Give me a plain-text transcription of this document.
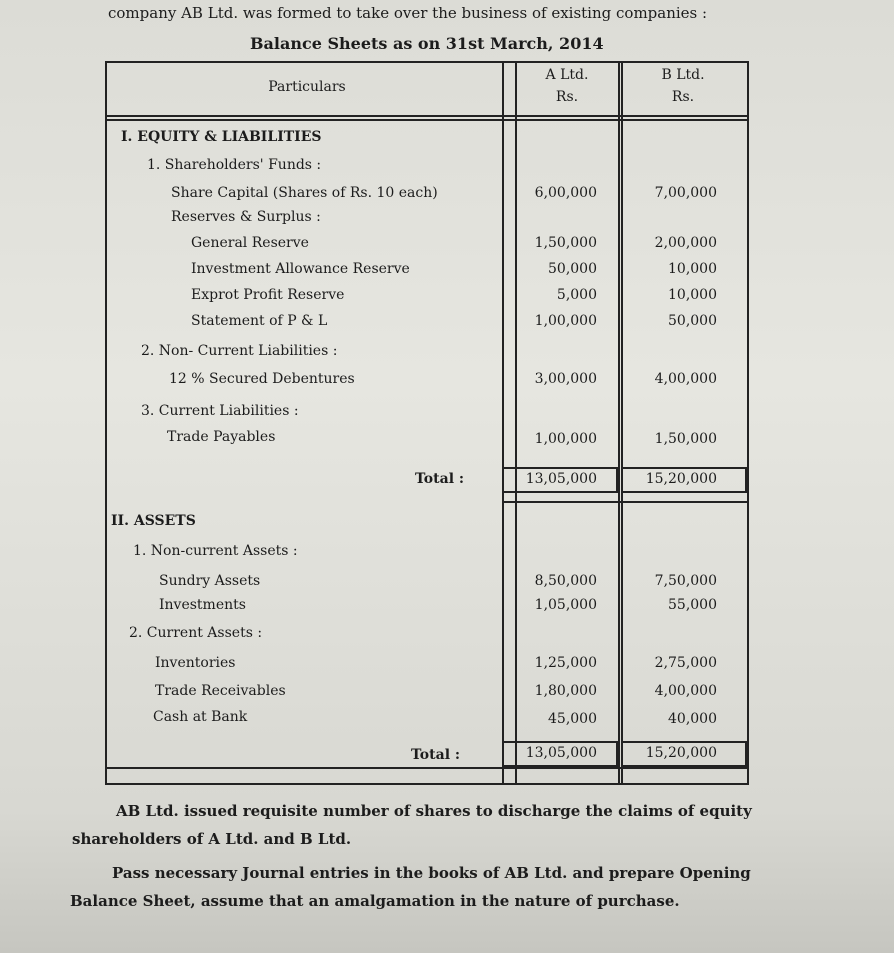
company AB Ltd. was formed to take over the business of existing companies :
Balance Sheets as on 31st March, 2014
Particulars
A Ltd.
Rs.
B Ltd.
Rs.
I. EQUITY & LIABILITIES
1. Shareholders' Funds :
Share Capital (Shares of Rs. 10 each)	6,00,000	7,00,000
Reserves & Surplus :
General Reserve	1,50,000	2,00,000
Investment Allowance Reserve	50,000	10,000
Exprot Profit Reserve	5,000	10,000
Statement of P & L	1,00,000	50,000
2. Non- Current Liabilities :
12 % Secured Debentures	3,00,000	4,00,000
3. Current Liabilities :
Trade Payables	1,00,000	1,50,000
Total :	13,05,000	15,20,000
II. ASSETS
1. Non-current Assets :
Sundry Assets	8,50,000	7,50,000
Investments	1,05,000	55,000
2. Current Assets :
Inventories	1,25,000	2,75,000
Trade Receivables	1,80,000	4,00,000
Cash at Bank	45,000	40,000
Total :	13,05,000	15,20,000
AB Ltd. issued requisite number of shares to discharge the claims of equity
shareholders of A Ltd. and B Ltd.
Pass necessary Journal entries in the books of AB Ltd. and prepare Opening
Balance Sheet, assume that an amalgamation in the nature of purchase.
